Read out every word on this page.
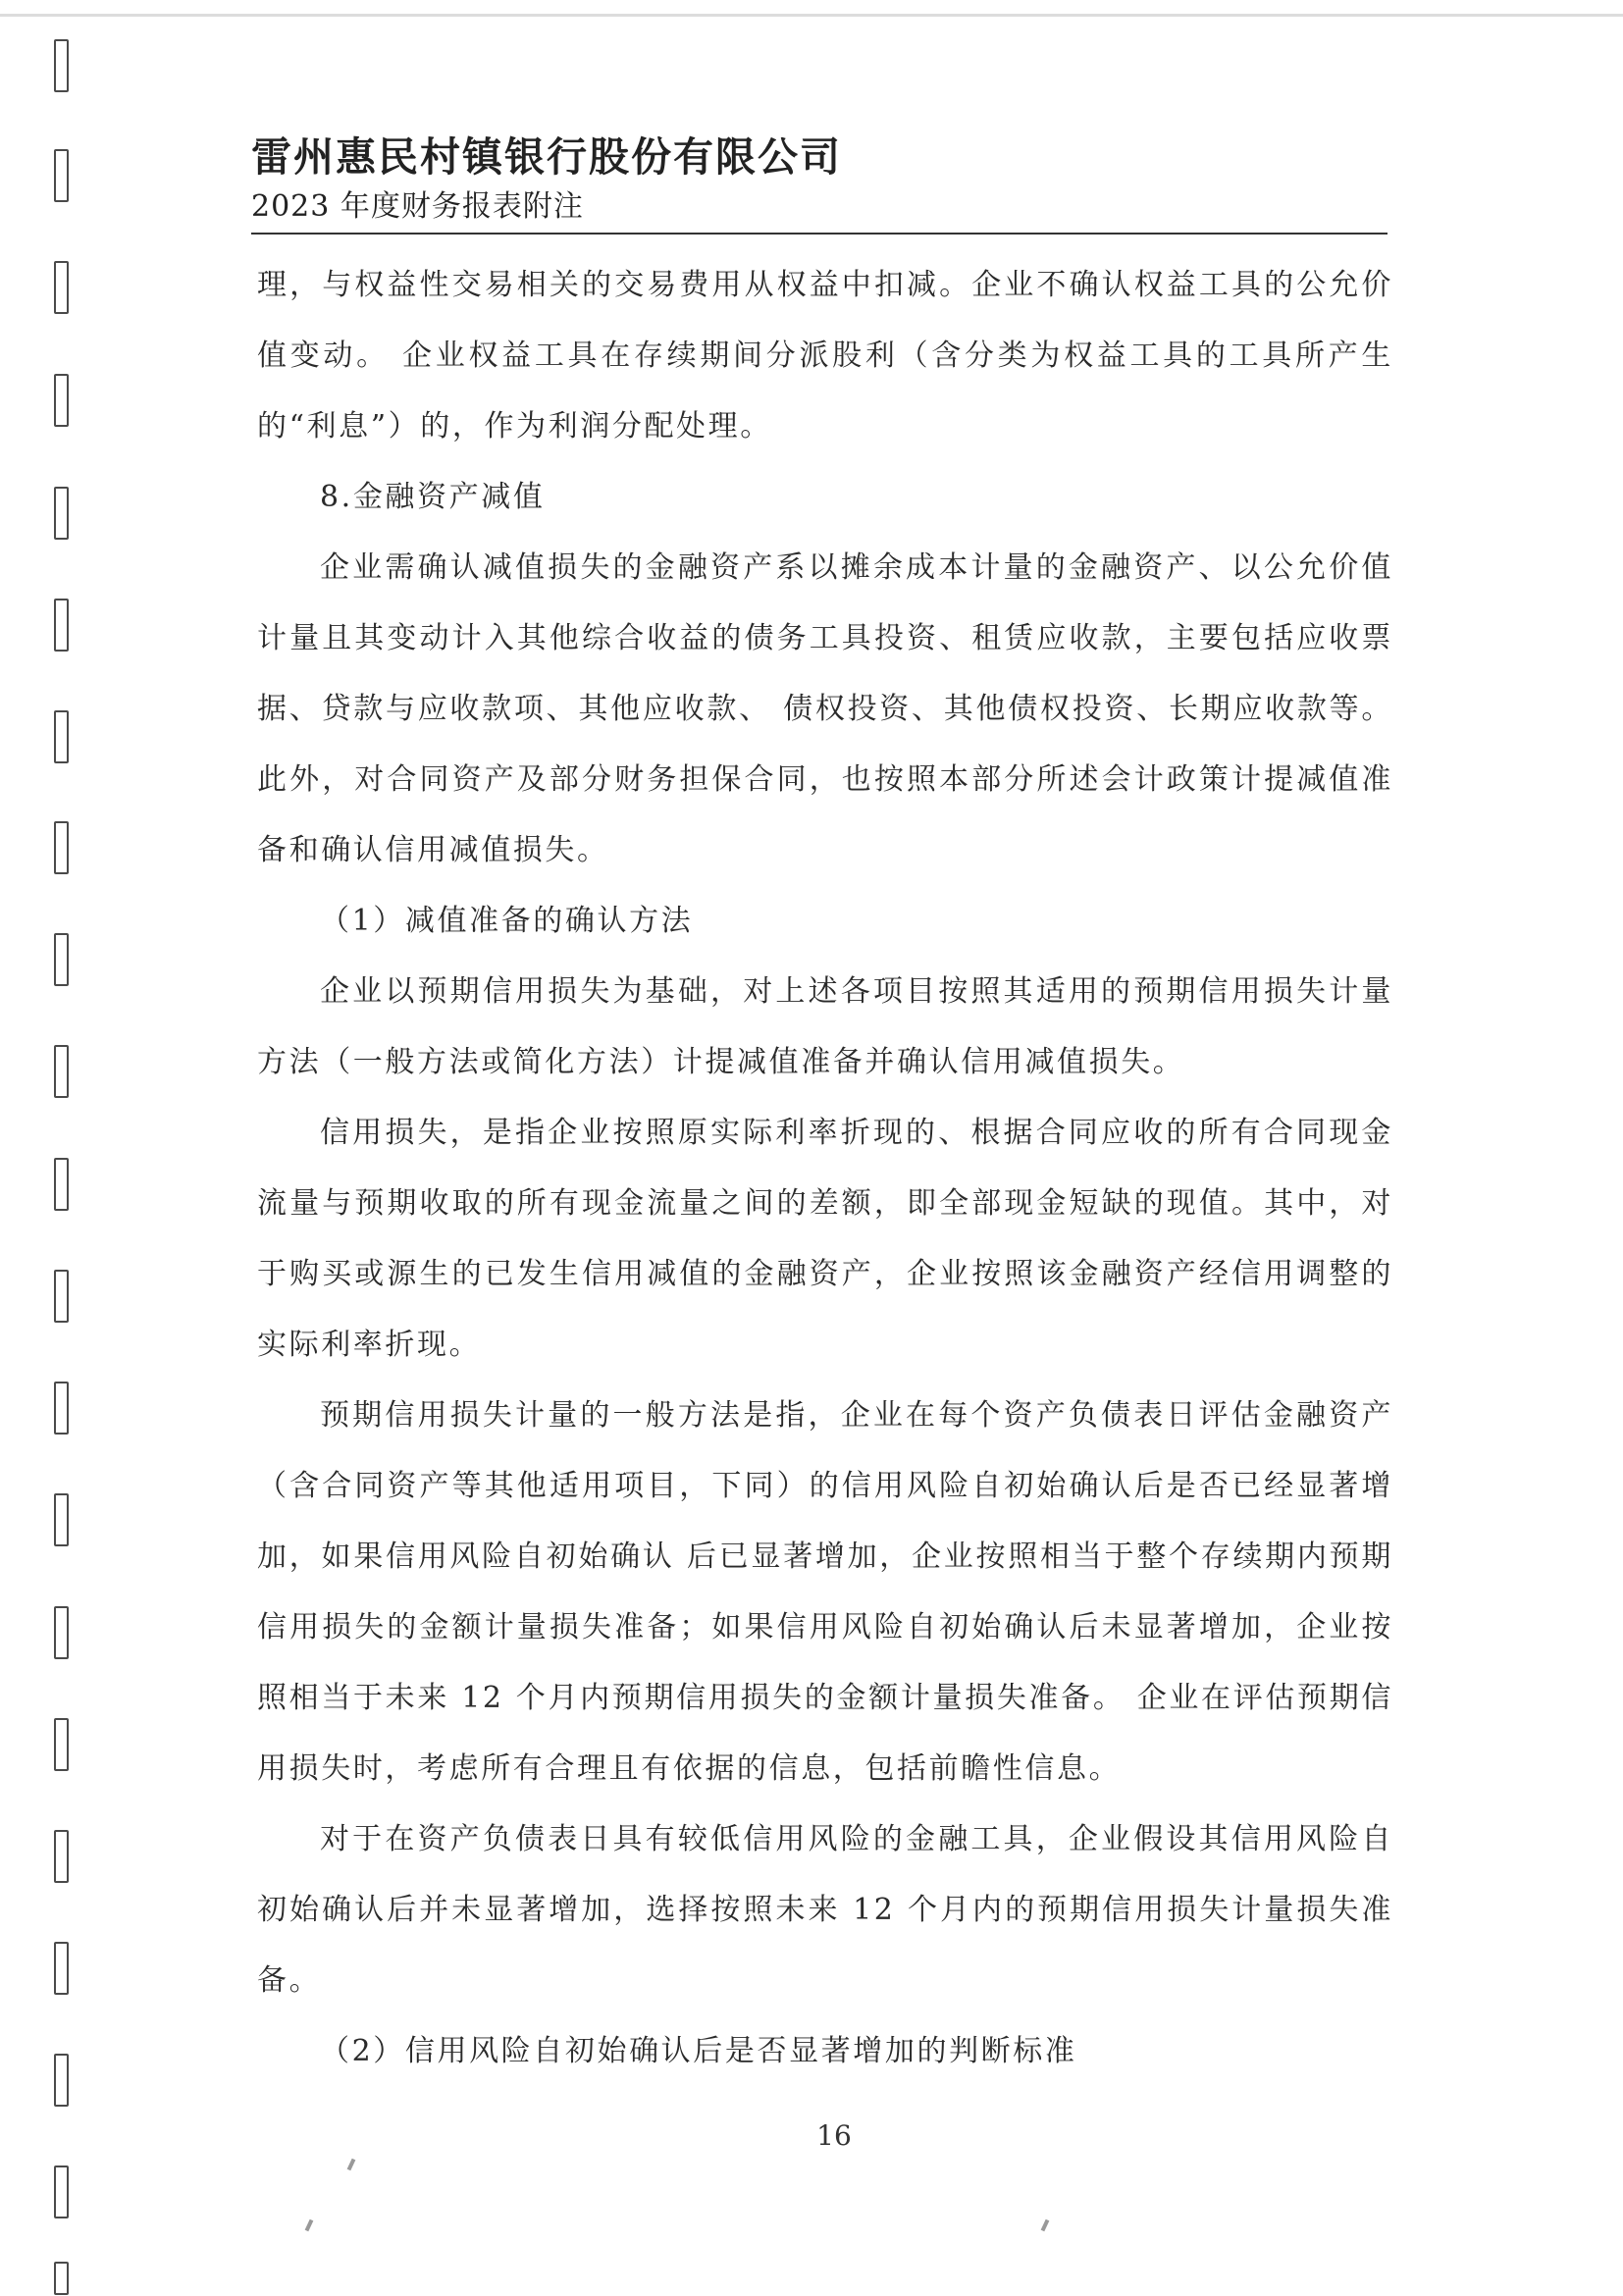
雷州惠民村镇银行股份有限公司

2023 年度财务报表附注

理，与权益性交易相关的交易费用从权益中扣减。企业不确认权益工具的公允价值变动。 企业权益工具在存续期间分派股利（含分类为权益工具的工具所产生的“利息”）的，作为利润分配处理。

8.金融资产减值

企业需确认减值损失的金融资产系以摊余成本计量的金融资产、以公允价值计量且其变动计入其他综合收益的债务工具投资、租赁应收款，主要包括应收票据、贷款与应收款项、其他应收款、 债权投资、其他债权投资、长期应收款等。此外，对合同资产及部分财务担保合同，也按照本部分所述会计政策计提减值准备和确认信用减值损失。

（1）减值准备的确认方法

企业以预期信用损失为基础，对上述各项目按照其适用的预期信用损失计量方法（一般方法或简化方法）计提减值准备并确认信用减值损失。

信用损失，是指企业按照原实际利率折现的、根据合同应收的所有合同现金流量与预期收取的所有现金流量之间的差额，即全部现金短缺的现值。其中，对于购买或源生的已发生信用减值的金融资产，企业按照该金融资产经信用调整的实际利率折现。

预期信用损失计量的一般方法是指，企业在每个资产负债表日评估金融资产（含合同资产等其他适用项目，下同）的信用风险自初始确认后是否已经显著增加，如果信用风险自初始确认 后已显著增加，企业按照相当于整个存续期内预期信用损失的金额计量损失准备；如果信用风险自初始确认后未显著增加，企业按照相当于未来 12 个月内预期信用损失的金额计量损失准备。 企业在评估预期信用损失时，考虑所有合理且有依据的信息，包括前瞻性信息。

对于在资产负债表日具有较低信用风险的金融工具，企业假设其信用风险自初始确认后并未显著增加，选择按照未来 12 个月内的预期信用损失计量损失准备。

（2）信用风险自初始确认后是否显著增加的判断标准

16
